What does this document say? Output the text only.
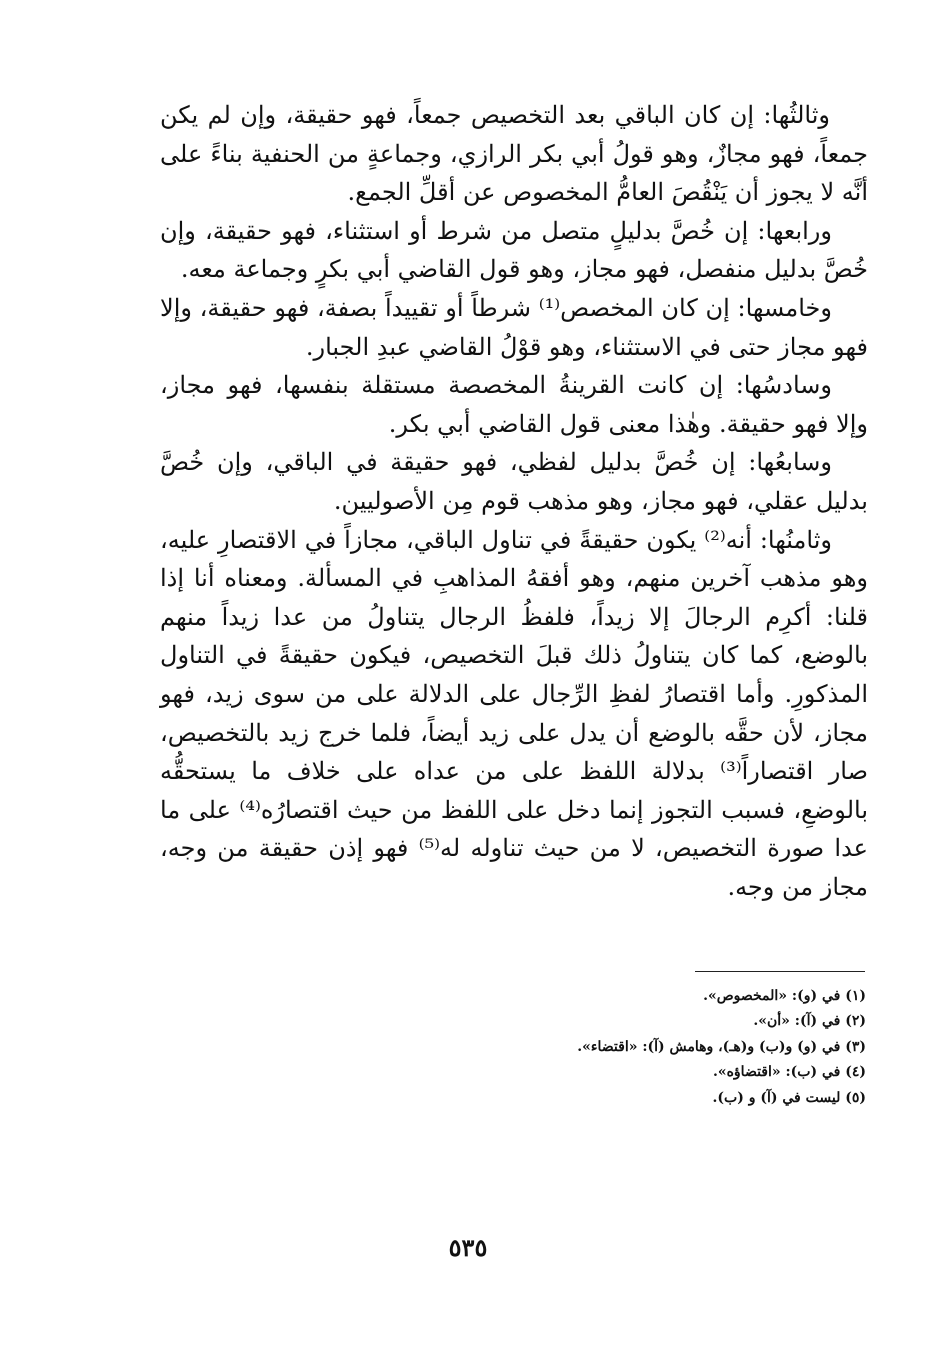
وثالثُها: إن كان الباقي بعد التخصيص جمعاً، فهو حقيقة، وإن لم يكن جمعاً، فهو مجازٌ، وهو قولُ أبي بكر الرازي، وجماعةٍ من الحنفية بناءً على أنَّه لا يجوز أن يَنْقُصَ العامُّ المخصوص عن أقلِّ الجمع.

ورابعها: إن خُصَّ بدليلٍ متصل من شرط أو استثناء، فهو حقيقة، وإن خُصَّ بدليل منفصل، فهو مجاز، وهو قول القاضي أبي بكرٍ وجماعة معه.

وخامسها: إن كان المخصص⁽¹⁾ شرطاً أو تقييداً بصفة، فهو حقيقة، وإلا فهو مجاز حتى في الاستثناء، وهو قوْلُ القاضي عبدِ الجبار.

وسادسُها: إن كانت القرينةُ المخصصة مستقلة بنفسها، فهو مجاز، وإلا فهو حقيقة. وهٰذا معنى قول القاضي أبي بكر.

وسابعُها: إن خُصَّ بدليل لفظي، فهو حقيقة في الباقي، وإن خُصَّ بدليل عقلي، فهو مجاز، وهو مذهب قوم مِن الأصوليين.

وثامنُها: أنه⁽²⁾ يكون حقيقةً في تناول الباقي، مجازاً في الاقتصارِ عليه، وهو مذهب آخرين منهم، وهو أفقهُ المذاهبِ في المسألة. ومعناه أنا إذا قلنا: أكرِم الرجالَ إلا زيداً، فلفظُ الرجال يتناولُ من عدا زيداً منهم بالوضع، كما كان يتناولُ ذلك قبلَ التخصيص، فيكون حقيقةً في التناول المذكورِ. وأما اقتصارُ لفظِ الرِّجال على الدلالة على من سوى زيد، فهو مجاز، لأن حقَّه بالوضع أن يدل على زيد أيضاً، فلما خرج زيد بالتخصيص، صار اقتصاراً⁽³⁾ بدلالة اللفظ على من عداه على خلاف ما يستحقُّه بالوضعِ، فسبب التجوز إنما دخل على اللفظ من حيث اقتصارُه⁽⁴⁾ على ما عدا صورة التخصيص، لا من حيث تناوله له⁽⁵⁾ فهو إذن حقيقة من وجه، مجاز من وجه.

(١) في (و): «المخصوص».

(٢) في (آ): «أن».

(٣) في (و) و(ب) و(هـ)، وهامش (آ): «اقتضاء».

(٤) في (ب): «اقتضاؤه».

(٥) ليست في (آ) و (ب).

٥٣٥
